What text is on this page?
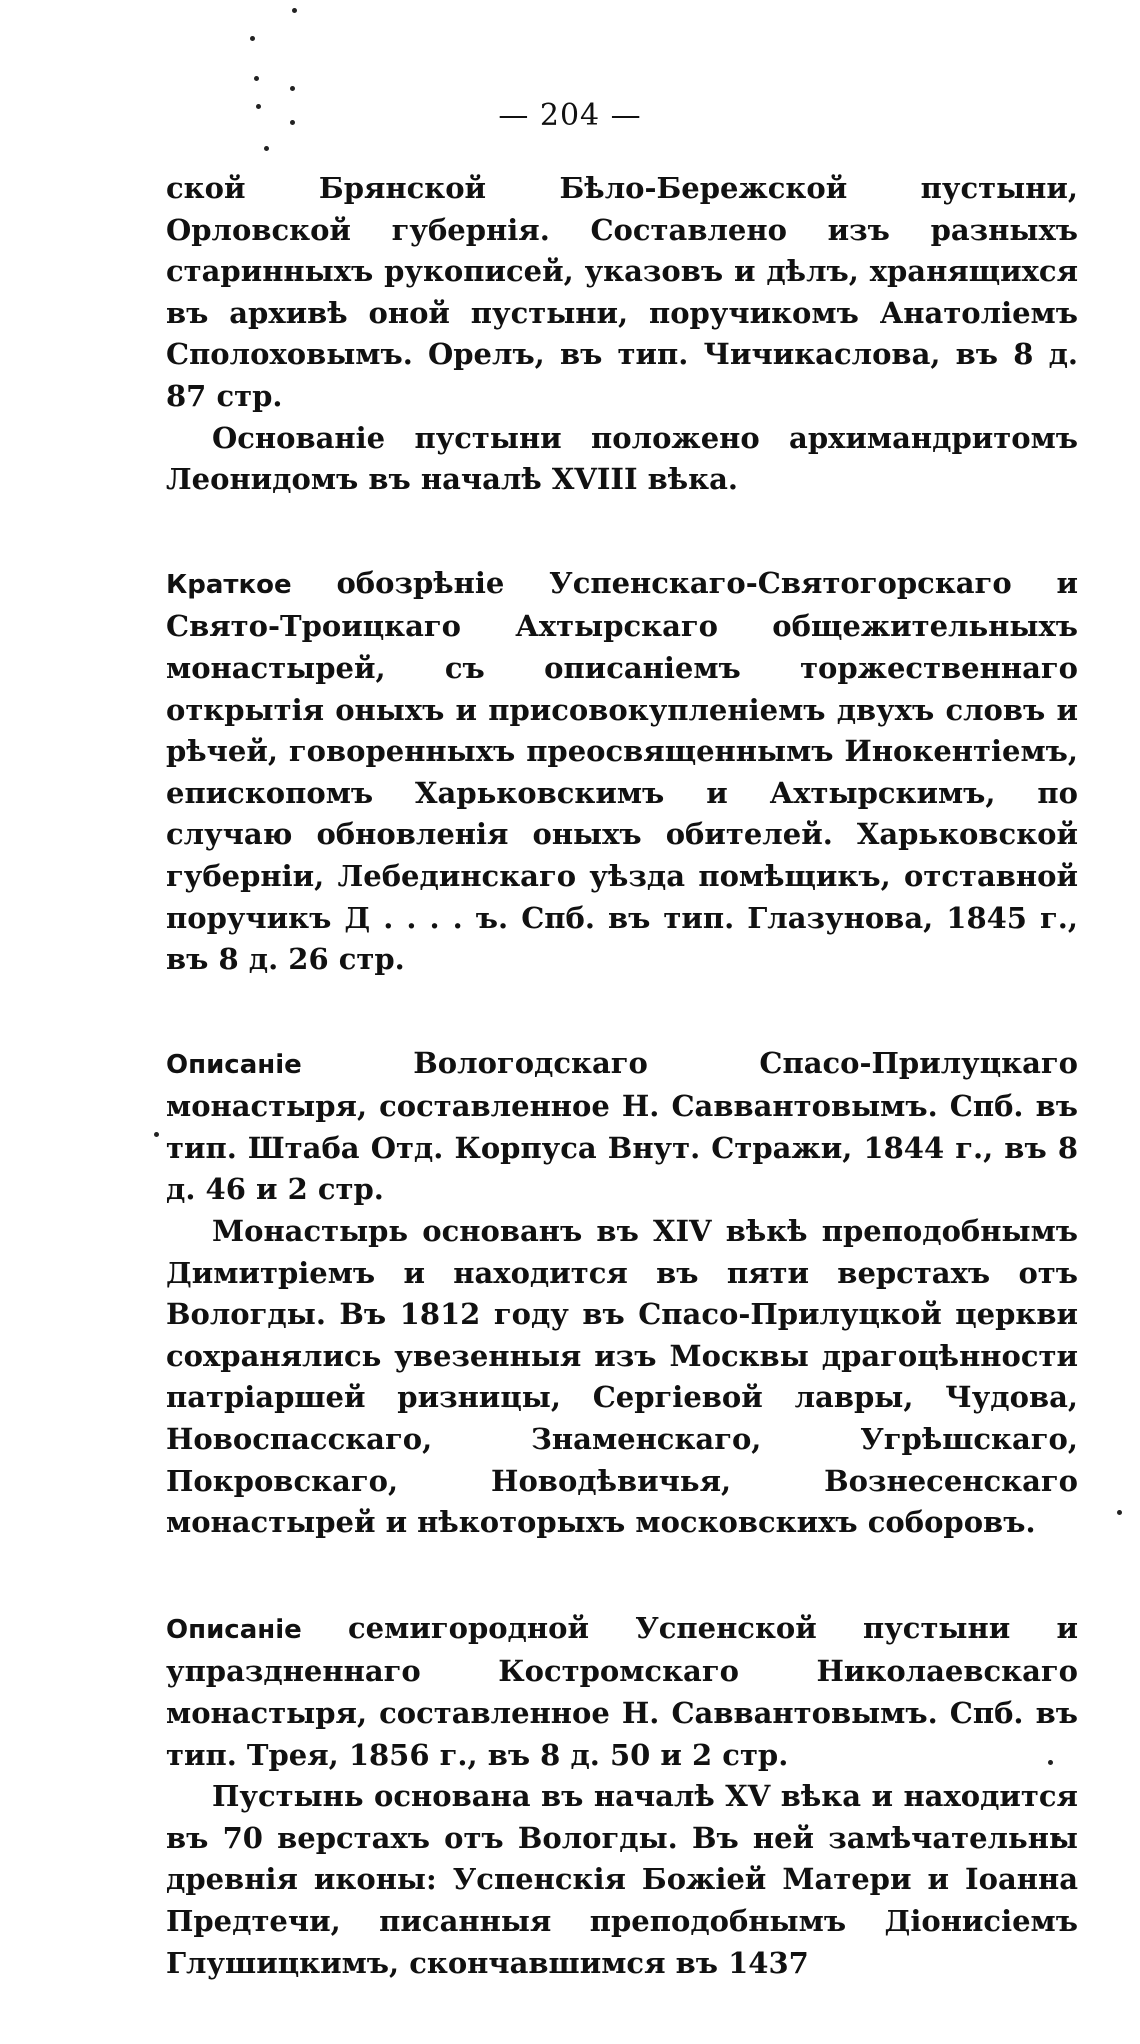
— 204 —

ской Брянской Бѣло-Бережской пустыни, Орловской губернія. Составлено изъ разныхъ старинныхъ рукописей, указовъ и дѣлъ, хранящихся въ архивѣ оной пустыни, поручикомъ Анатоліемъ Сполоховымъ. Орелъ, въ тип. Чичикаслова, въ 8 д. 87 стр.

Основаніе пустыни положено архимандритомъ Леонидомъ въ началѣ XVIII вѣка.

Краткое обозрѣніе Успенскаго-Святогорскаго и Свято-Троицкаго Ахтырскаго общежительныхъ монастырей, съ описаніемъ торжественнаго открытія оныхъ и присовокупленіемъ двухъ словъ и рѣчей, говоренныхъ преосвященнымъ Инокентіемъ, епископомъ Харьковскимъ и Ахтырскимъ, по случаю обновленія оныхъ обителей. Харьковской губерніи, Лебединскаго уѣзда помѣщикъ, отставной поручикъ Д . . . . ъ. Спб. въ тип. Глазунова, 1845 г., въ 8 д. 26 стр.

Описаніе	Вологодскаго Спасо-Прилуцкаго монастыря, составленное Н. Саввантовымъ. Спб. въ тип. Штаба Отд. Корпуса Внут. Стражи, 1844 г., въ 8 д. 46 и 2 стр.

Монастырь основанъ въ XIV вѣкѣ преподобнымъ Димитріемъ и находится въ пяти верстахъ отъ Вологды. Въ 1812 году въ Спасо-Прилуцкой церкви сохранялись увезенныя изъ Москвы драгоцѣнности патріаршей ризницы, Сергіевой лавры, Чудова, Новоспасскаго, Знаменскаго, Угрѣшскаго, Покровскаго, Новодѣвичья, Вознесенскаго монастырей и нѣкоторыхъ московскихъ соборовъ.

Описаніе семигородной Успенской пустыни и упраздненнаго Костромскаго Николаевскаго монастыря, составленное Н. Саввантовымъ. Спб. въ тип. Трея, 1856 г., въ 8 д. 50 и 2 стр.

Пустынь основана въ началѣ XV вѣка и находится въ 70 верстахъ отъ Вологды. Въ ней замѣчательны древнія иконы: Успенскія Божіей Матери и Іоанна Предтечи, писанныя преподобнымъ Діонисіемъ Глушицкимъ, скончавшимся въ 1437
